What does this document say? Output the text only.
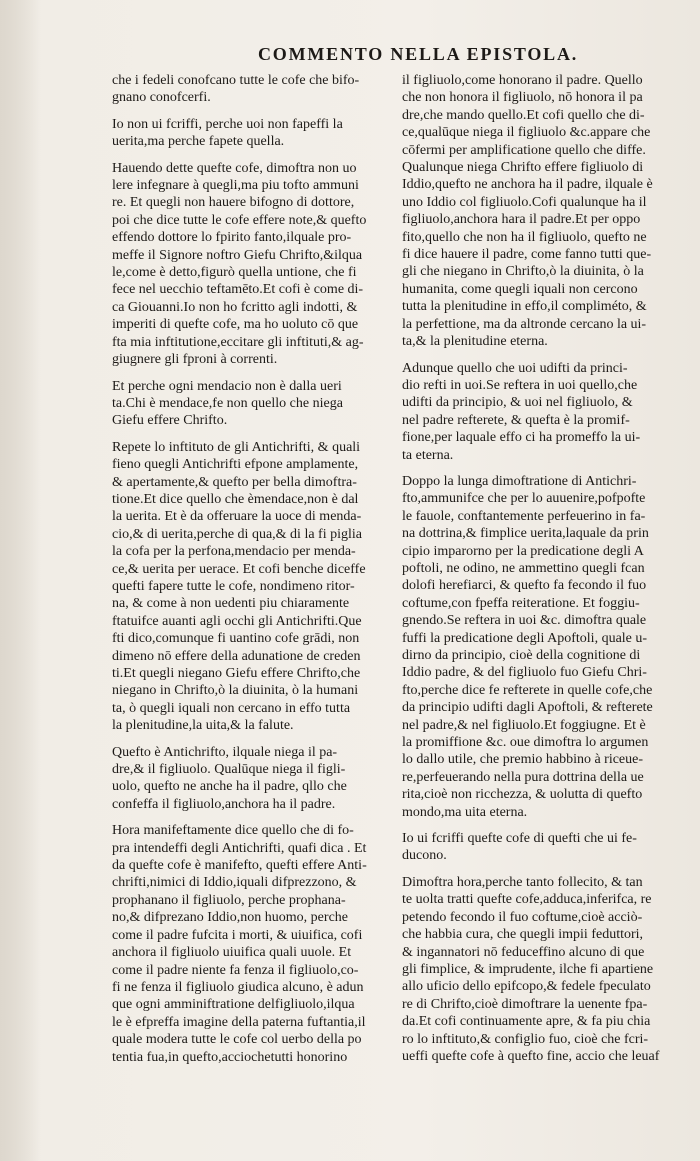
COMMENTO NELLA EPISTOLA.
che i fedeli conofcano tutte le cofe che bifo-
gnano conofcerfi.
Io non ui fcriffi, perche uoi non fapeffi la
uerita,ma perche fapete quella.
Hauendo dette quefte cofe, dimoftra non uo
lere infegnare à quegli,ma piu tofto ammuni
re. Et quegli non hauere bifogno di dottore,
poi che dice tutte le cofe effere note,& quefto
effendo dottore lo fpirito fanto,ilquale pro-
meffe il Signore noftro Giefu Chrifto,&ilqua
le,come è detto,figurò quella untione, che fi
fece nel uecchio teftamēto.Et cofi è come di-
ca Giouanni.Io non ho fcritto agli indotti, &
imperiti di quefte cofe, ma ho uoluto cō que
fta mia inftitutione,eccitare gli inftituti,& ag-
giugnere gli fproni à correnti.
Et perche ogni mendacio non è dalla ueri
ta.Chi è mendace,fe non quello che niega
Giefu effere Chrifto.
Repete lo inftituto de gli Antichrifti, & quali
fieno quegli Antichrifti efpone amplamente,
& apertamente,& quefto per bella dimoftra-
tione.Et dice quello che èmendace,non è dal
la uerita. Et è da offeruare la uoce di menda-
cio,& di uerita,perche di qua,& di la fi piglia
la cofa per la perfona,mendacio per menda-
ce,& uerita per uerace. Et cofi benche diceffe
quefti fapere tutte le cofe, nondimeno ritor-
na, & come à non uedenti piu chiaramente
ftatuifce auanti agli occhi gli Antichrifti.Que
fti dico,comunque fi uantino cofe grādi, non
dimeno nō effere della adunatione de creden
ti.Et quegli niegano Giefu effere Chrifto,che
niegano in Chrifto,ò la diuinita, ò la humani
ta, ò quegli iquali non cercano in effo tutta
la plenitudine,la uita,& la falute.
Quefto è Antichrifto, ilquale niega il pa-
dre,& il figliuolo. Qualūque niega il figli-
uolo, quefto ne anche ha il padre, qllo che
confeffa il figliuolo,anchora ha il padre.
Hora manifeftamente dice quello che di fo-
pra intendeffi degli Antichrifti, quafi dica . Et
da quefte cofe è manifefto, quefti effere Anti-
chrifti,nimici di Iddio,iquali difprezzono, &
prophanano il figliuolo, perche prophana-
no,& difprezano Iddio,non huomo, perche
come il padre fufcita i morti, & uiuifica, cofi
anchora il figliuolo uiuifica quali uuole. Et
come il padre niente fa fenza il figliuolo,co-
fi ne fenza il figliuolo giudica alcuno, è adun
que ogni amminiftratione delfigliuolo,ilqua
le è efpreffa imagine della paterna fuftantia,il
quale modera tutte le cofe col uerbo della po
tentia fua,in quefto,acciochetutti honorino
il figliuolo,come honorano il padre. Quello
che non honora il figliuolo, nō honora il pa
dre,che mando quello.Et cofi quello che di-
ce,qualūque niega il figliuolo &c.appare che
cōfermi per amplificatione quello che diffe.
Qualunque niega Chrifto effere figliuolo di
Iddio,quefto ne anchora ha il padre, ilquale è
uno Iddio col figliuolo.Cofi qualunque ha il
figliuolo,anchora hara il padre.Et per oppo
fito,quello che non ha il figliuolo, quefto ne
fi dice hauere il padre, come fanno tutti que-
gli che niegano in Chrifto,ò la diuinita, ò la
humanita, come quegli iquali non cercono
tutta la plenitudine in effo,il compliméto, &
la perfettione, ma da altronde cercano la ui-
ta,& la plenitudine eterna.
Adunque quello che uoi udifti da princi-
dio refti in uoi.Se reftera in uoi quello,che
udifti da principio, & uoi nel figliuolo, &
nel padre refterete, & quefta è la promif-
fione,per laquale effo ci ha promeffo la ui-
ta eterna.
Doppo la lunga dimoftratione di Antichri-
fto,ammunifce che per lo auuenire,pofpofte
le fauole, conftantemente perfeuerino in fa-
na dottrina,& fimplice uerita,laquale da prin
cipio imparorno per la predicatione degli A
poftoli, ne odino, ne ammettino quegli fcan
dolofi herefiarci, & quefto fa fecondo il fuo
coftume,con fpeffa reiteratione. Et foggiu-
gnendo.Se reftera in uoi &c. dimoftra quale
fuffi la predicatione degli Apoftoli, quale u-
dirno da principio, cioè della cognitione di
Iddio padre, & del figliuolo fuo Giefu Chri-
fto,perche dice fe refterete in quelle cofe,che
da principio udifti dagli Apoftoli, & refterete
nel padre,& nel figliuolo.Et foggiugne. Et è
la promiffione &c. oue dimoftra lo argumen
lo dallo utile, che premio habbino à riceue-
re,perfeuerando nella pura dottrina della ue
rita,cioè non ricchezza, & uolutta di quefto
mondo,ma uita eterna.
Io ui fcriffi quefte cofe di quefti che ui fe-
ducono.
Dimoftra hora,perche tanto follecito, & tan
te uolta tratti quefte cofe,adduca,inferifca, re
petendo fecondo il fuo coftume,cioè acciò-
che habbia cura, che quegli impii feduttori,
& ingannatori nō feduceffino alcuno di que
gli fimplice, & imprudente, ilche fi apartiene
allo uficio dello epifcopo,& fedele fpeculato
re di Chrifto,cioè dimoftrare la uenente fpa-
da.Et cofi continuamente apre, & fa piu chia
ro lo inftituto,& configlio fuo, cioè che fcri-
ueffi quefte cofe à quefto fine, accio che leuaf
